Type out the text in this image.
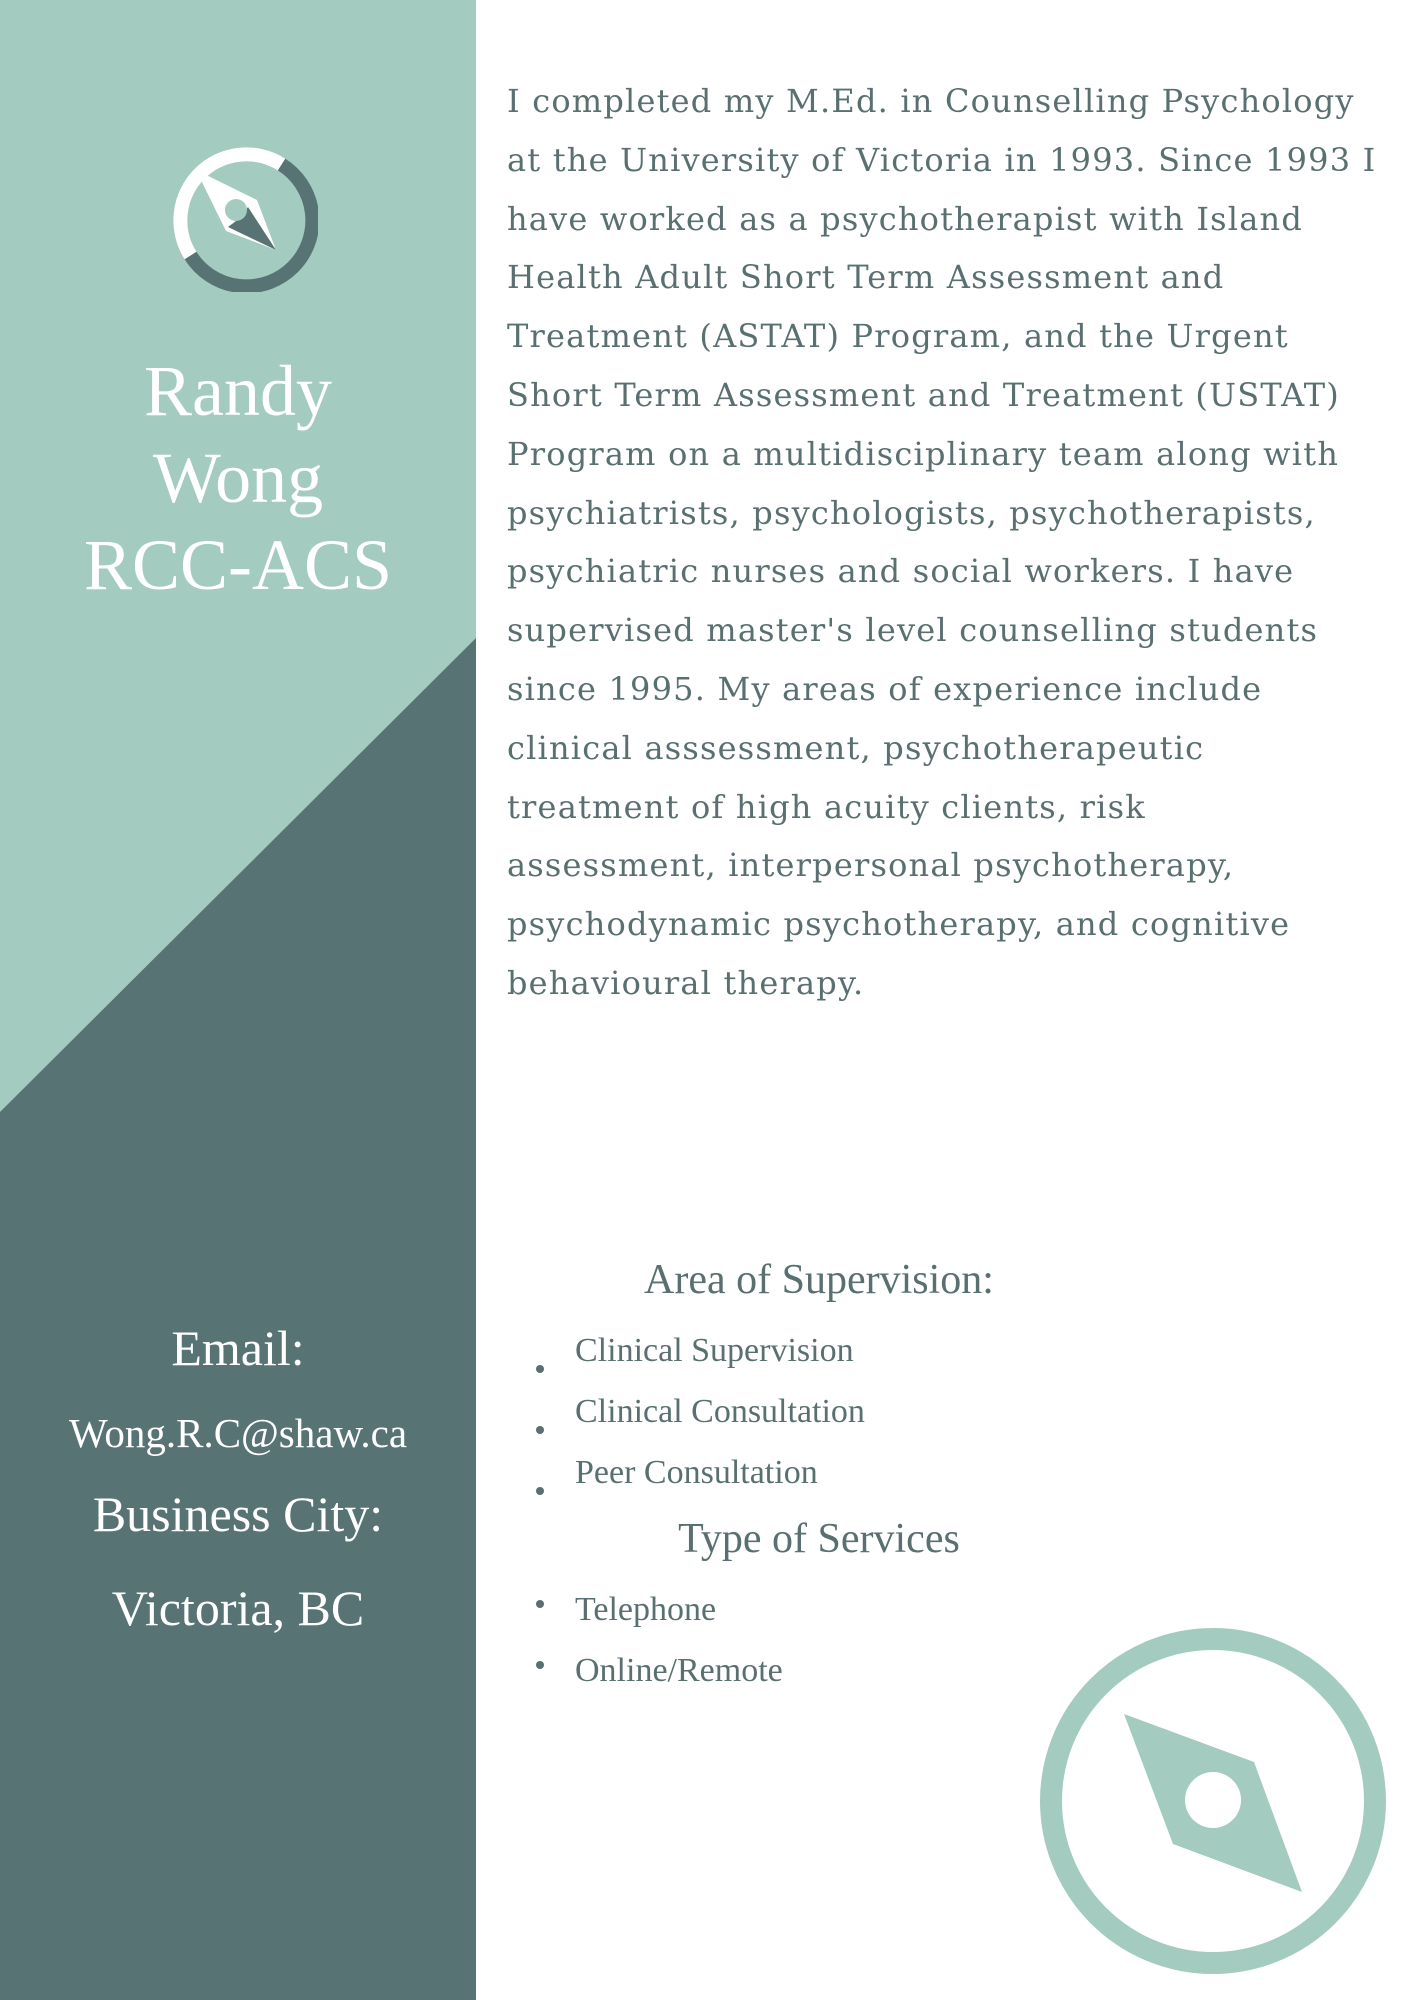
Randy
Wong
RCC-ACS
Email:
Wong.R.C@shaw.ca
Business City:
Victoria, BC

I completed my M.Ed. in Counselling Psychology
at the University of Victoria in 1993. Since 1993 I
have worked as a psychotherapist with Island
Health Adult Short Term Assessment and
Treatment (ASTAT) Program, and the Urgent
Short Term Assessment and Treatment (USTAT)
Program on a multidisciplinary team along with
psychiatrists, psychologists, psychotherapists,
psychiatric nurses and social workers. I have
supervised master's level counselling students
since 1995. My areas of experience include
clinical asssessment, psychotherapeutic
treatment of high acuity clients, risk
assessment, interpersonal psychotherapy,
psychodynamic psychotherapy, and cognitive
behavioural therapy.

Area of Supervision:
Clinical Supervision
Clinical Consultation
Peer Consultation
Type of Services
Telephone
Online/Remote
